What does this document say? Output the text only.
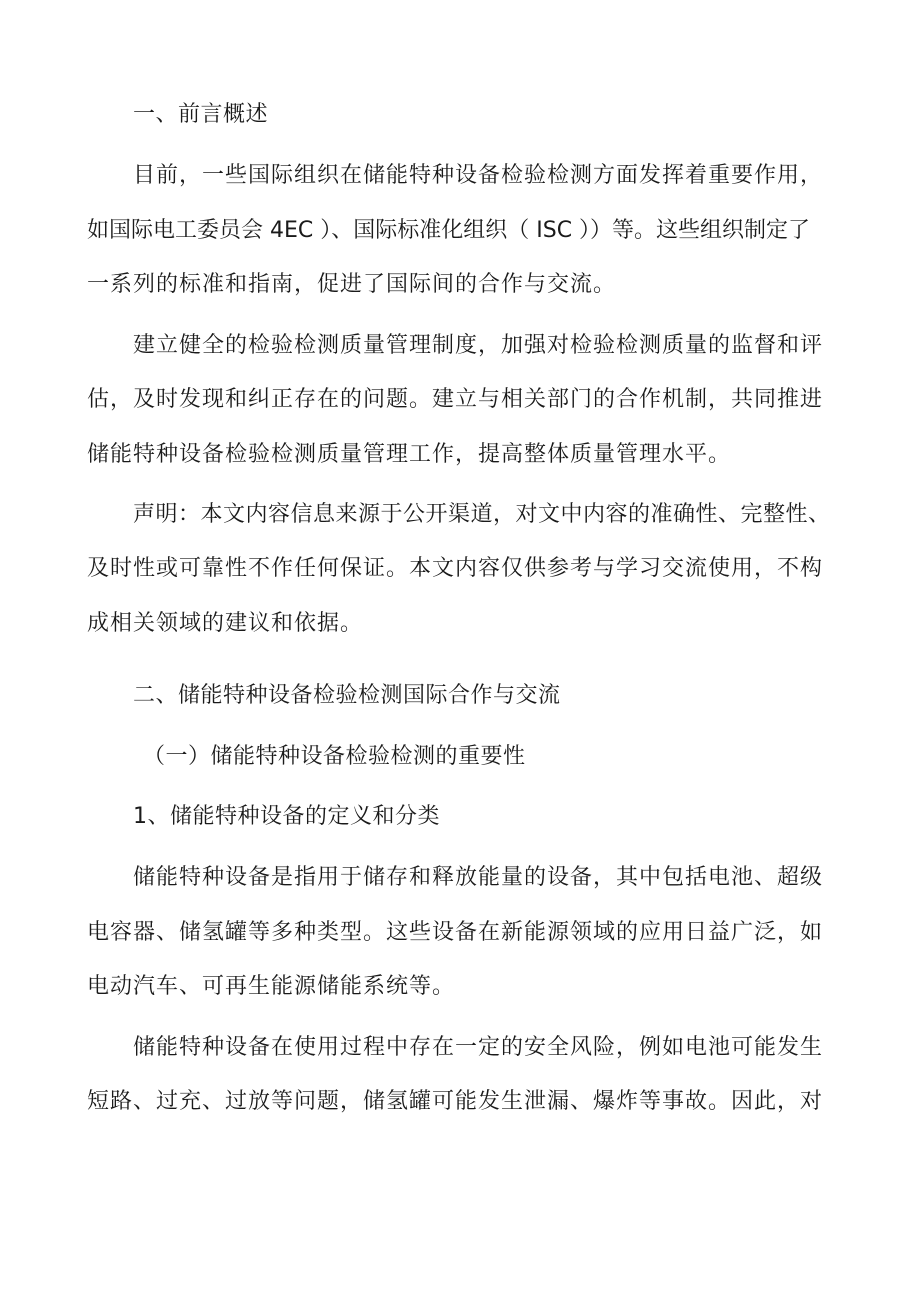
一、前言概述
目前，一些国际组织在储能特种设备检验检测方面发挥着重要作用，
如国际电工委员会 4EC ）、国际标准化组织（ ISC ））等。这些组织制定了
一系列的标准和指南，促进了国际间的合作与交流。
建立健全的检验检测质量管理制度，加强对检验检测质量的监督和评
估，及时发现和纠正存在的问题。建立与相关部门的合作机制，共同推进
储能特种设备检验检测质量管理工作，提高整体质量管理水平。
声明：本文内容信息来源于公开渠道，对文中内容的准确性、完整性、
及时性或可靠性不作任何保证。本文内容仅供参考与学习交流使用，不构
成相关领域的建议和依据。
二、储能特种设备检验检测国际合作与交流
（一）储能特种设备检验检测的重要性
1、储能特种设备的定义和分类
储能特种设备是指用于储存和释放能量的设备，其中包括电池、超级
电容器、储氢罐等多种类型。这些设备在新能源领域的应用日益广泛，如
电动汽车、可再生能源储能系统等。
储能特种设备在使用过程中存在一定的安全风险，例如电池可能发生
短路、过充、过放等问题，储氢罐可能发生泄漏、爆炸等事故。因此，对
